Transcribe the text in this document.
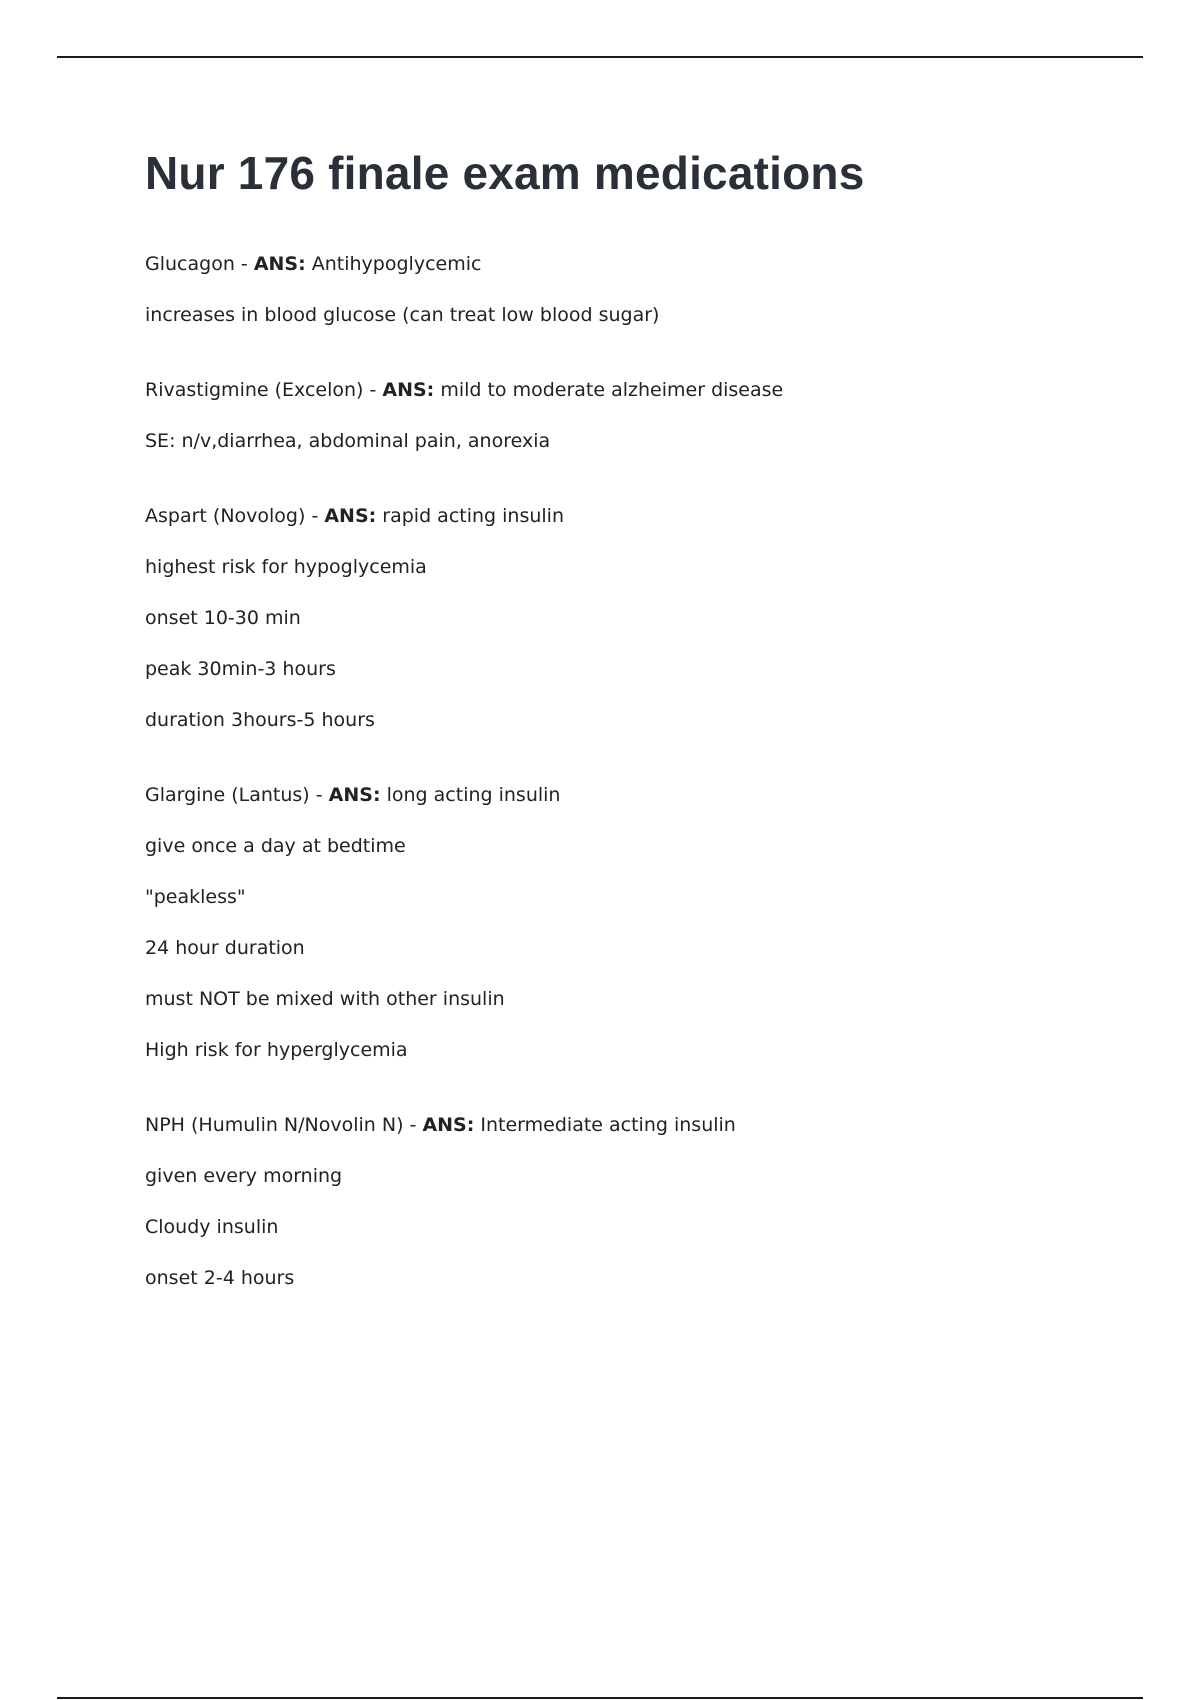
Nur 176 finale exam medications

Glucagon - ANS: Antihypoglycemic

increases in blood glucose (can treat low blood sugar)

Rivastigmine (Excelon) - ANS: mild to moderate alzheimer disease

SE: n/v,diarrhea, abdominal pain, anorexia

Aspart (Novolog) - ANS: rapid acting insulin

highest risk for hypoglycemia

onset 10-30 min

peak 30min-3 hours

duration 3hours-5 hours

Glargine (Lantus) - ANS: long acting insulin

give once a day at bedtime

"peakless"

24 hour duration

must NOT be mixed with other insulin

High risk for hyperglycemia

NPH (Humulin N/Novolin N) - ANS: Intermediate acting insulin

given every morning

Cloudy insulin

onset 2-4 hours
